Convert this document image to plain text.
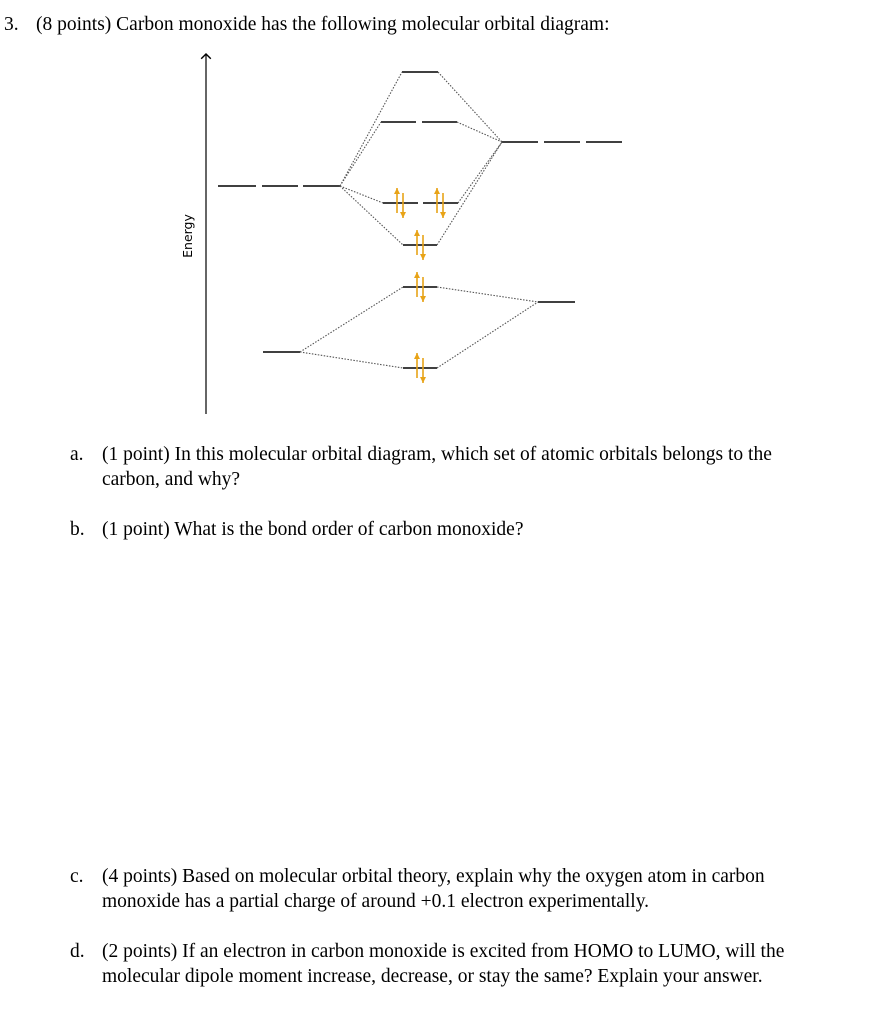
3. (8 points) Carbon monoxide has the following molecular orbital diagram:
Energy
a. (1 point) In this molecular orbital diagram, which set of atomic orbitals belongs to the carbon, and why?
b. (1 point) What is the bond order of carbon monoxide?
c. (4 points) Based on molecular orbital theory, explain why the oxygen atom in carbon monoxide has a partial charge of around +0.1 electron experimentally.
d. (2 points) If an electron in carbon monoxide is excited from HOMO to LUMO, will the molecular dipole moment increase, decrease, or stay the same? Explain your answer.
